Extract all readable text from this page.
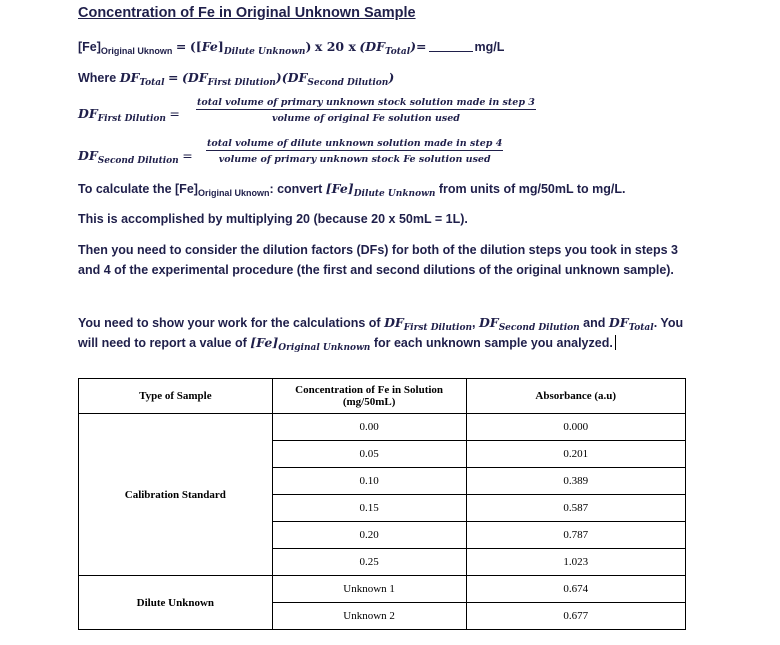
Concentration of Fe in Original Unknown Sample
$[Fe]_{Original Uknown} = ([Fe]_{Dilute Unknown})$ x 20 x $(DF_{Total})=$	mg/L
Where $DF_{Total} = (DF_{First Dilution})(DF_{Second Dilution})$
$DF_{First Dilution}$ =
total volume of primary unknown stock solution made in step 3
volume of original Fe solution used
$DF_{Second Dilution}$ =
total volume of dilute unknown solution made in step 4
volume of primary unknown stock Fe solution used
To calculate the $[Fe]_{Original Uknown}$: convert $[Fe]_{Dilute Unknown}$ from units of mg/50mL to mg/L.
This is accomplished by multiplying 20 (because 20 x 50mL = 1L).
Then you need to consider the dilution factors (DFs) for both of the dilution steps you took in steps 3 and 4 of the experimental procedure (the first and second dilutions of the original unknown sample).
You need to show your work for the calculations of $DF_{First Dilution}$, $DF_{Second Dilution}$ and $DF_{Total}$. You will need to report a value of $[Fe]_{Original Unknown}$ for each unknown sample you analyzed.
Type of Sample	Concentration of Fe in Solution (mg/50mL)	Absorbance (a.u)
Calibration Standard	0.00	0.000
	0.05	0.201
	0.10	0.389
	0.15	0.587
	0.20	0.787
	0.25	1.023
Dilute Unknown	Unknown 1	0.674
	Unknown 2	0.677
